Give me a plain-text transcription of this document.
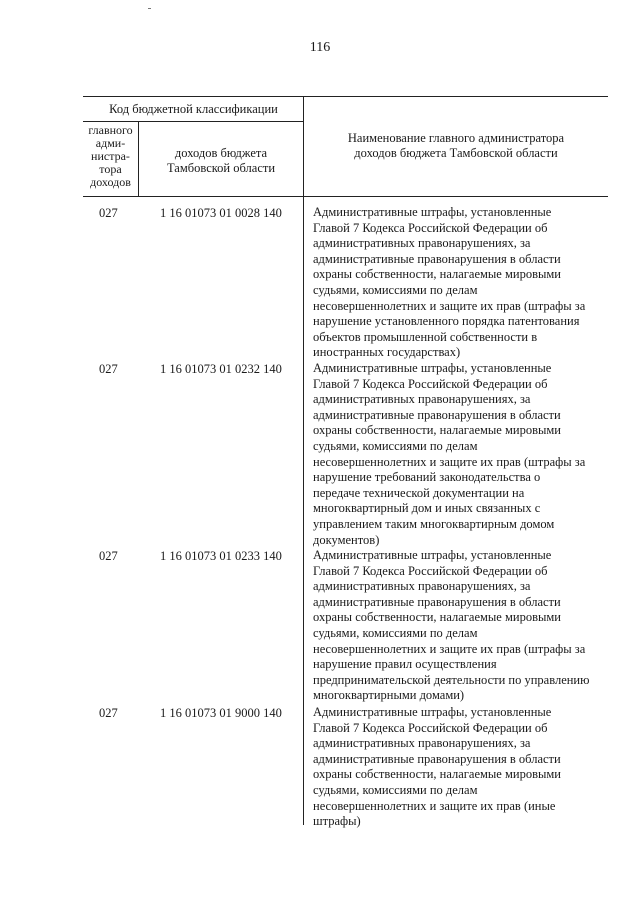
116
Код бюджетной классификации
главного
адми-
нистра-
тора
доходов
доходов бюджета
Тамбовской области
Наименование главного администратора
доходов бюджета Тамбовской области
027	1 16 01073 01 0028 140 Административные штрафы, установленные
Главой 7 Кодекса Российской Федерации об
административных правонарушениях, за
административные правонарушения в области
охраны собственности, налагаемые мировыми
судьями, комиссиями по делам
несовершеннолетних и защите их прав (штрафы за
нарушение установленного порядка патентования
объектов промышленной собственности в
иностранных государствах)
027	1 16 01073 01 0232 140 Административные штрафы, установленные
Главой 7 Кодекса Российской Федерации об
административных правонарушениях, за
административные правонарушения в области
охраны собственности, налагаемые мировыми
судьями, комиссиями по делам
несовершеннолетних и защите их прав (штрафы за
нарушение требований законодательства о
передаче технической документации на
многоквартирный дом и иных связанных с
управлением таким многоквартирным домом
документов)
027	1 16 01073 01 0233 140 Административные штрафы, установленные
Главой 7 Кодекса Российской Федерации об
административных правонарушениях, за
административные правонарушения в области
охраны собственности, налагаемые мировыми
судьями, комиссиями по делам
несовершеннолетних и защите их прав (штрафы за
нарушение правил осуществления
предпринимательской деятельности по управлению
многоквартирными домами)
027	1 16 01073 01 9000 140 Административные штрафы, установленные
Главой 7 Кодекса Российской Федерации об
административных правонарушениях, за
административные правонарушения в области
охраны собственности, налагаемые мировыми
судьями, комиссиями по делам
несовершеннолетних и защите их прав (иные
штрафы)
